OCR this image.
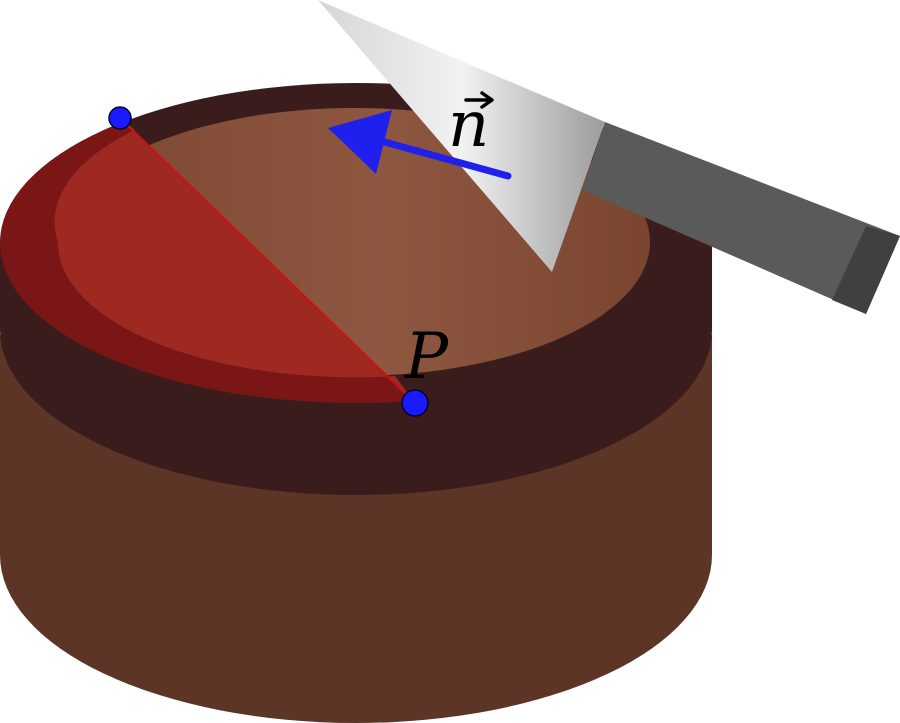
P
n
